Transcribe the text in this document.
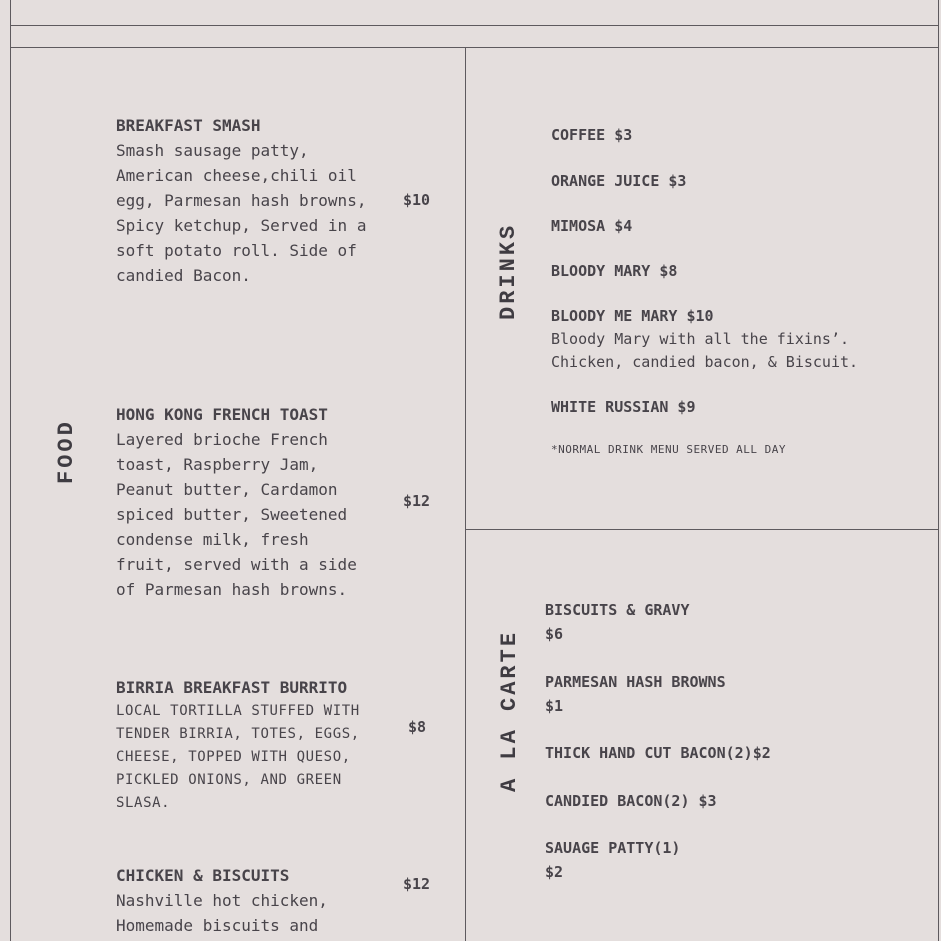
FOOD
BREAKFAST SMASH
Smash sausage patty,
American cheese,chili oil
egg, Parmesan hash browns,
Spicy ketchup, Served in a
soft potato roll. Side of
candied Bacon.
$10
HONG KONG FRENCH TOAST
Layered brioche French
toast, Raspberry Jam,
Peanut butter, Cardamon
spiced butter, Sweetened
condense milk, fresh
fruit, served with a side
of Parmesan hash browns.
$12
BIRRIA BREAKFAST BURRITO
LOCAL TORTILLA STUFFED WITH
TENDER BIRRIA, TOTES, EGGS,
CHEESE, TOPPED WITH QUESO,
PICKLED ONIONS, AND GREEN
SLASA.
$8
CHICKEN & BISCUITS
Nashville hot chicken,
Homemade biscuits and
$12
DRINKS
COFFEE $3
ORANGE JUICE $3
MIMOSA $4
BLOODY MARY $8
BLOODY ME MARY $10
Bloody Mary with all the fixins’.
Chicken, candied bacon, & Biscuit.
WHITE RUSSIAN $9
*NORMAL DRINK MENU SERVED ALL DAY
A LA CARTE
BISCUITS & GRAVY
$6
PARMESAN HASH BROWNS
$1
THICK HAND CUT BACON(2)$2
CANDIED BACON(2) $3
SAUAGE PATTY(1)
$2
